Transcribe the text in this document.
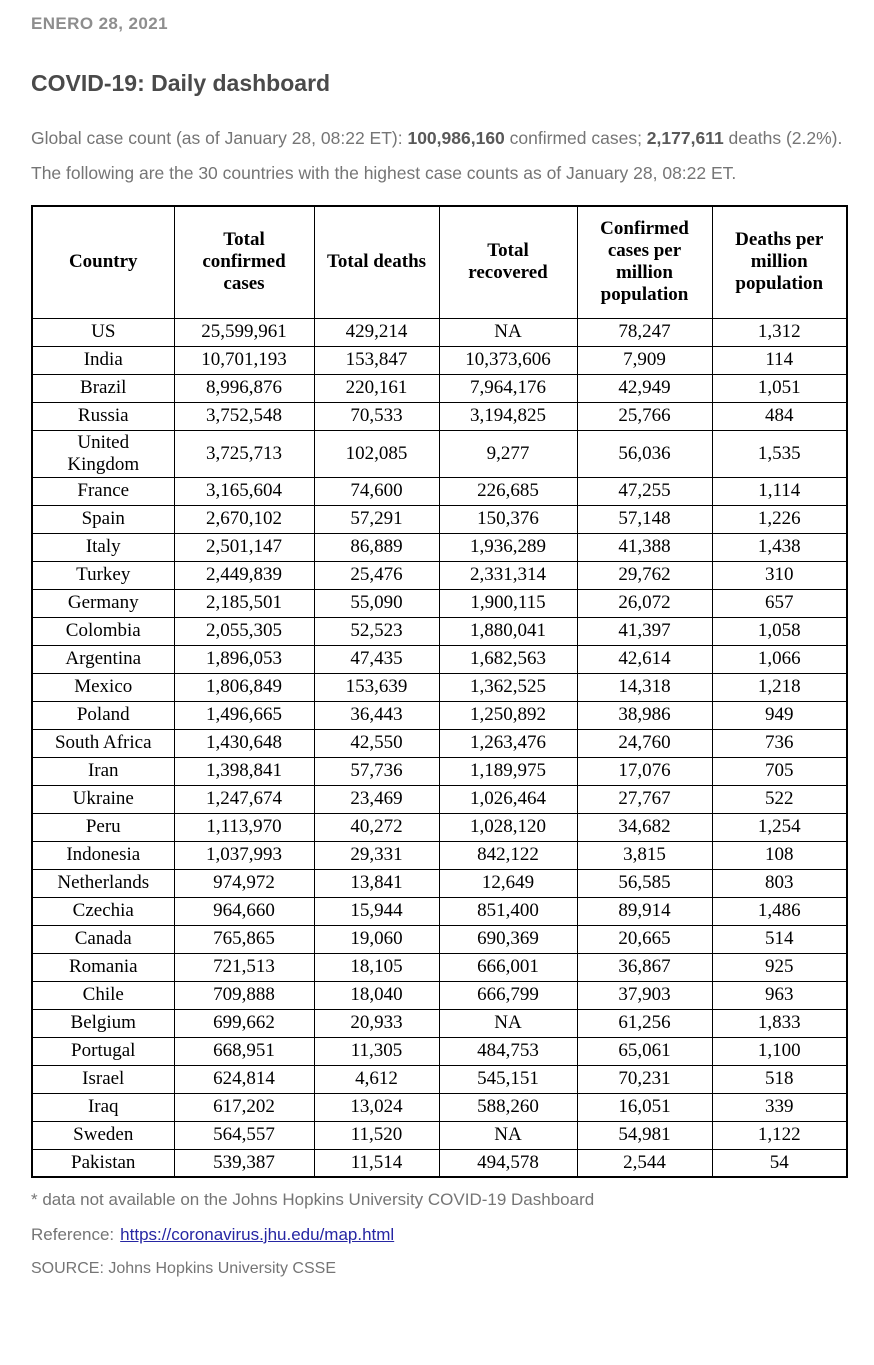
ENERO 28, 2021
COVID-19: Daily dashboard
Global case count (as of January 28, 08:22 ET): 100,986,160 confirmed cases; 2,177,611 deaths (2.2%). The following are the 30 countries with the highest case counts as of January 28, 08:22 ET.
Country	Total confirmed cases	Total deaths	Total recovered	Confirmed cases per million population	Deaths per million population
US	25,599,961	429,214	NA	78,247	1,312
India	10,701,193	153,847	10,373,606	7,909	114
Brazil	8,996,876	220,161	7,964,176	42,949	1,051
Russia	3,752,548	70,533	3,194,825	25,766	484
United Kingdom	3,725,713	102,085	9,277	56,036	1,535
France	3,165,604	74,600	226,685	47,255	1,114
Spain	2,670,102	57,291	150,376	57,148	1,226
Italy	2,501,147	86,889	1,936,289	41,388	1,438
Turkey	2,449,839	25,476	2,331,314	29,762	310
Germany	2,185,501	55,090	1,900,115	26,072	657
Colombia	2,055,305	52,523	1,880,041	41,397	1,058
Argentina	1,896,053	47,435	1,682,563	42,614	1,066
Mexico	1,806,849	153,639	1,362,525	14,318	1,218
Poland	1,496,665	36,443	1,250,892	38,986	949
South Africa	1,430,648	42,550	1,263,476	24,760	736
Iran	1,398,841	57,736	1,189,975	17,076	705
Ukraine	1,247,674	23,469	1,026,464	27,767	522
Peru	1,113,970	40,272	1,028,120	34,682	1,254
Indonesia	1,037,993	29,331	842,122	3,815	108
Netherlands	974,972	13,841	12,649	56,585	803
Czechia	964,660	15,944	851,400	89,914	1,486
Canada	765,865	19,060	690,369	20,665	514
Romania	721,513	18,105	666,001	36,867	925
Chile	709,888	18,040	666,799	37,903	963
Belgium	699,662	20,933	NA	61,256	1,833
Portugal	668,951	11,305	484,753	65,061	1,100
Israel	624,814	4,612	545,151	70,231	518
Iraq	617,202	13,024	588,260	16,051	339
Sweden	564,557	11,520	NA	54,981	1,122
Pakistan	539,387	11,514	494,578	2,544	54
* data not available on the Johns Hopkins University COVID-19 Dashboard
Reference: https://coronavirus.jhu.edu/map.html
SOURCE: Johns Hopkins University CSSE
